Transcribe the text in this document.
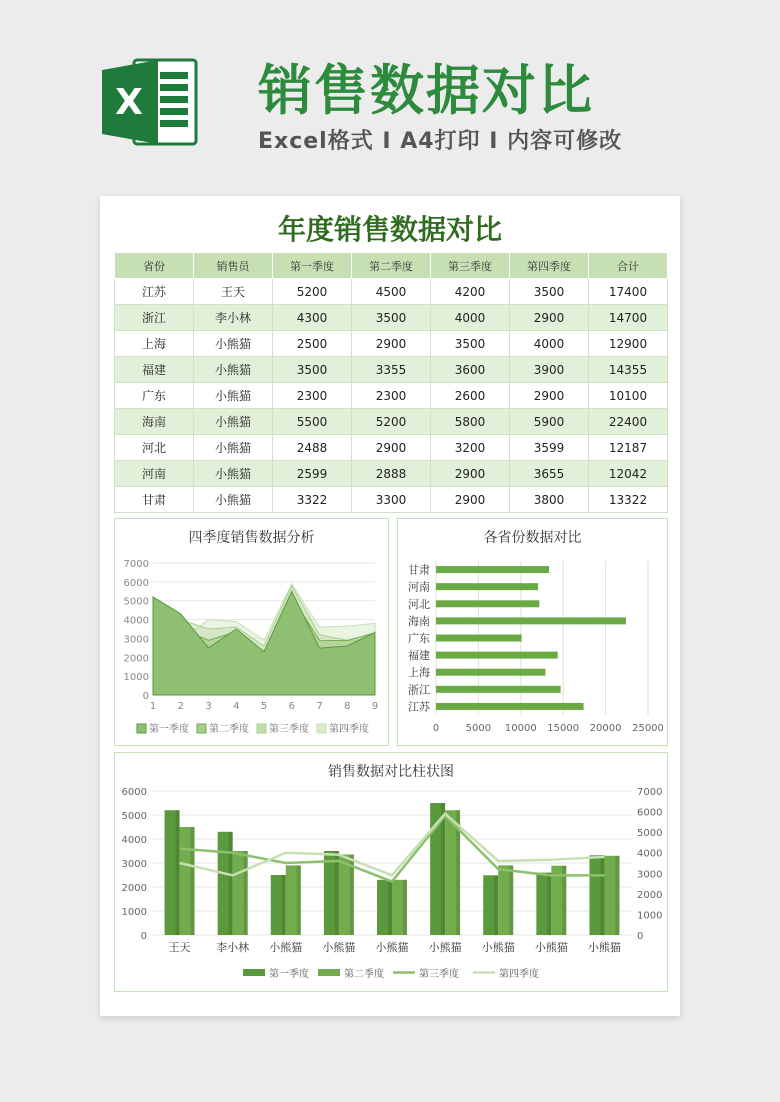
X 销售数据对比
Excel格式 I A4打印 I 内容可修改
年度销售数据对比
省份	销售员	第一季度	第二季度	第三季度	第四季度	合计
江苏	王天	5200	4500	4200	3500	17400
浙江	李小林	4300	3500	4000	2900	14700
上海	小熊猫	2500	2900	3500	4000	12900
福建	小熊猫	3500	3355	3600	3900	14355
广东	小熊猫	2300	2300	2600	2900	10100
海南	小熊猫	5500	5200	5800	5900	22400
河北	小熊猫	2488	2900	3200	3599	12187
河南	小熊猫	2599	2888	2900	3655	12042
甘肃	小熊猫	3322	3300	2900	3800	13322
四季度销售数据分析
0
1000
2000
3000
4000
5000
6000
7000
1 2 3 4 5 6 7 8 9
第一季度 第二季度 第三季度 第四季度
各省份数据对比
0	5000 10000 15000 20000 25000
江苏
浙江
上海
福建
广东
海南
河北
河南
甘肃
销售数据对比柱状图
0
1000
2000
3000
4000
5000
6000
0
1000
2000
3000
4000
5000
6000
7000
王天 李小林 小熊猫 小熊猫 小熊猫 小熊猫 小熊猫 小熊猫 小熊猫
第一季度	第二季度	第三季度	第四季度
